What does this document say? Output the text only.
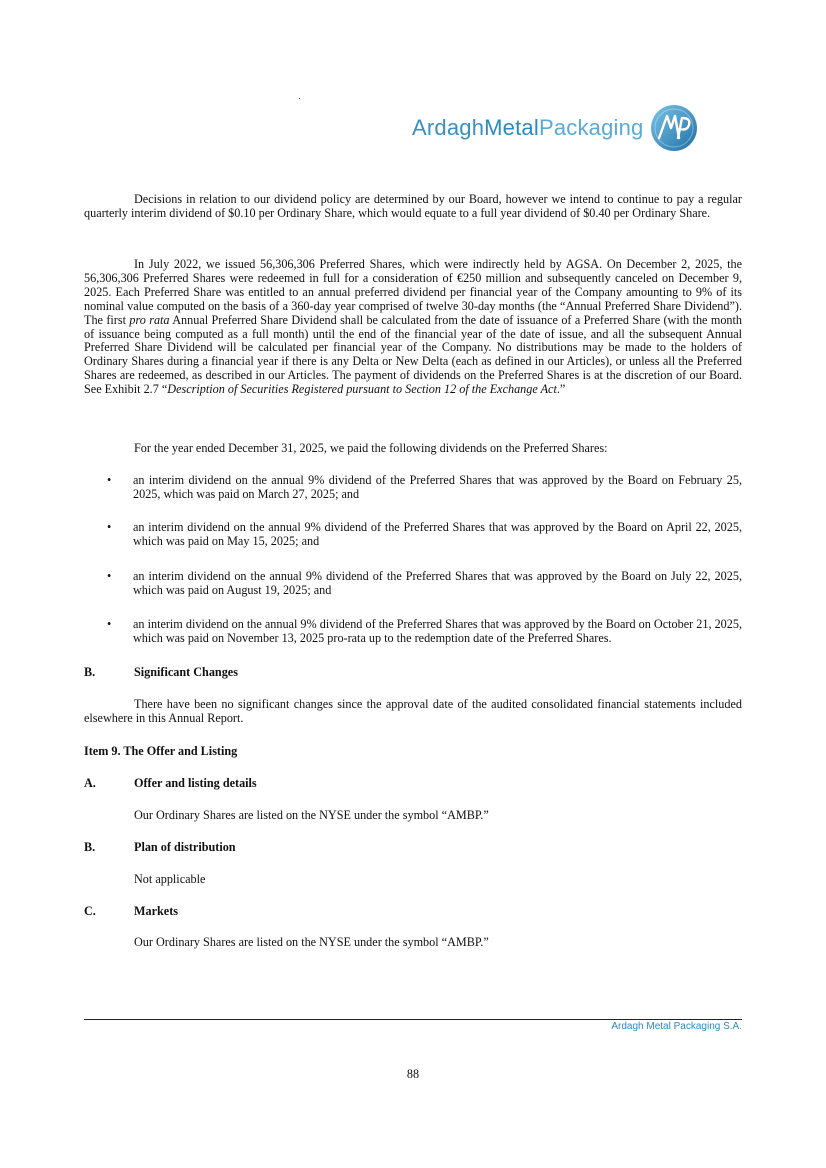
ArdaghMetalPackaging

Decisions in relation to our dividend policy are determined by our Board, however we intend to continue to pay a regular quarterly interim dividend of $0.10 per Ordinary Share, which would equate to a full year dividend of $0.40 per Ordinary Share.

In July 2022, we issued 56,306,306 Preferred Shares, which were indirectly held by AGSA. On December 2, 2025, the 56,306,306 Preferred Shares were redeemed in full for a consideration of €250 million and subsequently canceled on December 9, 2025. Each Preferred Share was entitled to an annual preferred dividend per financial year of the Company amounting to 9% of its nominal value computed on the basis of a 360-day year comprised of twelve 30-day months (the “Annual Preferred Share Dividend”). The first pro rata Annual Preferred Share Dividend shall be calculated from the date of issuance of a Preferred Share (with the month of issuance being computed as a full month) until the end of the financial year of the date of issue, and all the subsequent Annual Preferred Share Dividend will be calculated per financial year of the Company. No distributions may be made to the holders of Ordinary Shares during a financial year if there is any Delta or New Delta (each as defined in our Articles), or unless all the Preferred Shares are redeemed, as described in our Articles. The payment of dividends on the Preferred Shares is at the discretion of our Board. See Exhibit 2.7 “Description of Securities Registered pursuant to Section 12 of the Exchange Act.”

For the year ended December 31, 2025, we paid the following dividends on the Preferred Shares:

•	an interim dividend on the annual 9% dividend of the Preferred Shares that was approved by the Board on February 25, 2025, which was paid on March 27, 2025; and

•	an interim dividend on the annual 9% dividend of the Preferred Shares that was approved by the Board on April 22, 2025, which was paid on May 15, 2025; and

•	an interim dividend on the annual 9% dividend of the Preferred Shares that was approved by the Board on July 22, 2025, which was paid on August 19, 2025; and

•	an interim dividend on the annual 9% dividend of the Preferred Shares that was approved by the Board on October 21, 2025, which was paid on November 13, 2025 pro-rata up to the redemption date of the Preferred Shares.

B.	Significant Changes

There have been no significant changes since the approval date of the audited consolidated financial statements included elsewhere in this Annual Report.

Item 9. The Offer and Listing

A.	Offer and listing details

Our Ordinary Shares are listed on the NYSE under the symbol “AMBP.”

B.	Plan of distribution

Not applicable

C.	Markets

Our Ordinary Shares are listed on the NYSE under the symbol “AMBP.”

Ardagh Metal Packaging S.A.
88
